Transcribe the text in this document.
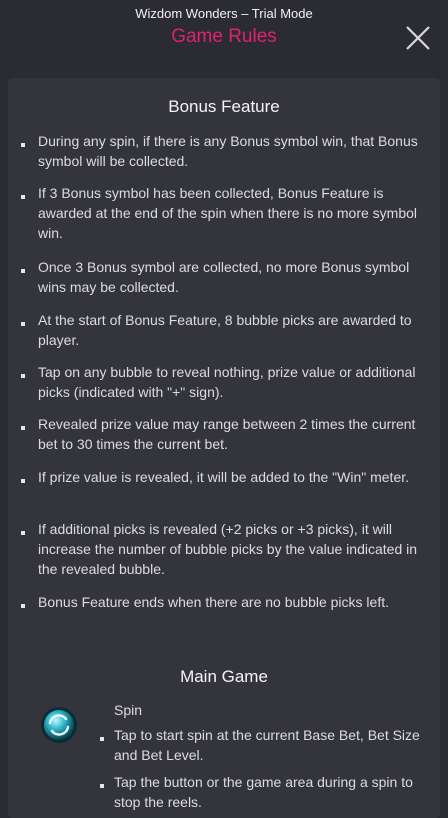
Wizdom Wonders – Trial Mode
Game Rules
Bonus Feature
During any spin, if there is any Bonus symbol win, that Bonus symbol will be collected.
If 3 Bonus symbol has been collected, Bonus Feature is awarded at the end of the spin when there is no more symbol win.
Once 3 Bonus symbol are collected, no more Bonus symbol wins may be collected.
At the start of Bonus Feature, 8 bubble picks are awarded to player.
Tap on any bubble to reveal nothing, prize value or additional picks (indicated with "+" sign).
Revealed prize value may range between 2 times the current bet to 30 times the current bet.
If prize value is revealed, it will be added to the "Win" meter.
If additional picks is revealed (+2 picks or +3 picks), it will increase the number of bubble picks by the value indicated in the revealed bubble.
Bonus Feature ends when there are no bubble picks left.
Main Game
Spin
Tap to start spin at the current Base Bet, Bet Size and Bet Level.
Tap the button or the game area during a spin to stop the reels.
